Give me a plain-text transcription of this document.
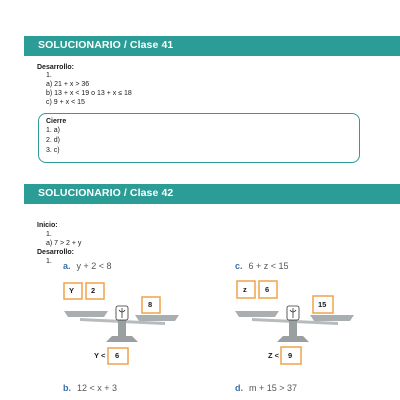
SOLUCIONARIO / Clase 41
Desarrollo:
1.
a) 21 + x > 36
b) 13 + x < 19 o 13 + x ≤ 18
c) 9 + x < 15
Cierre
1. a)
2. d)
3. c)
SOLUCIONARIO / Clase 42
Inicio:
1.
a) 7 > 2 + y
Desarrollo:
1. a. y + 2 < 8	c. 6 + z < 15
b. 12 < x + 3	d. m + 15 > 37
Y 2
8
Y < 6
z 6
15
Z < 9
